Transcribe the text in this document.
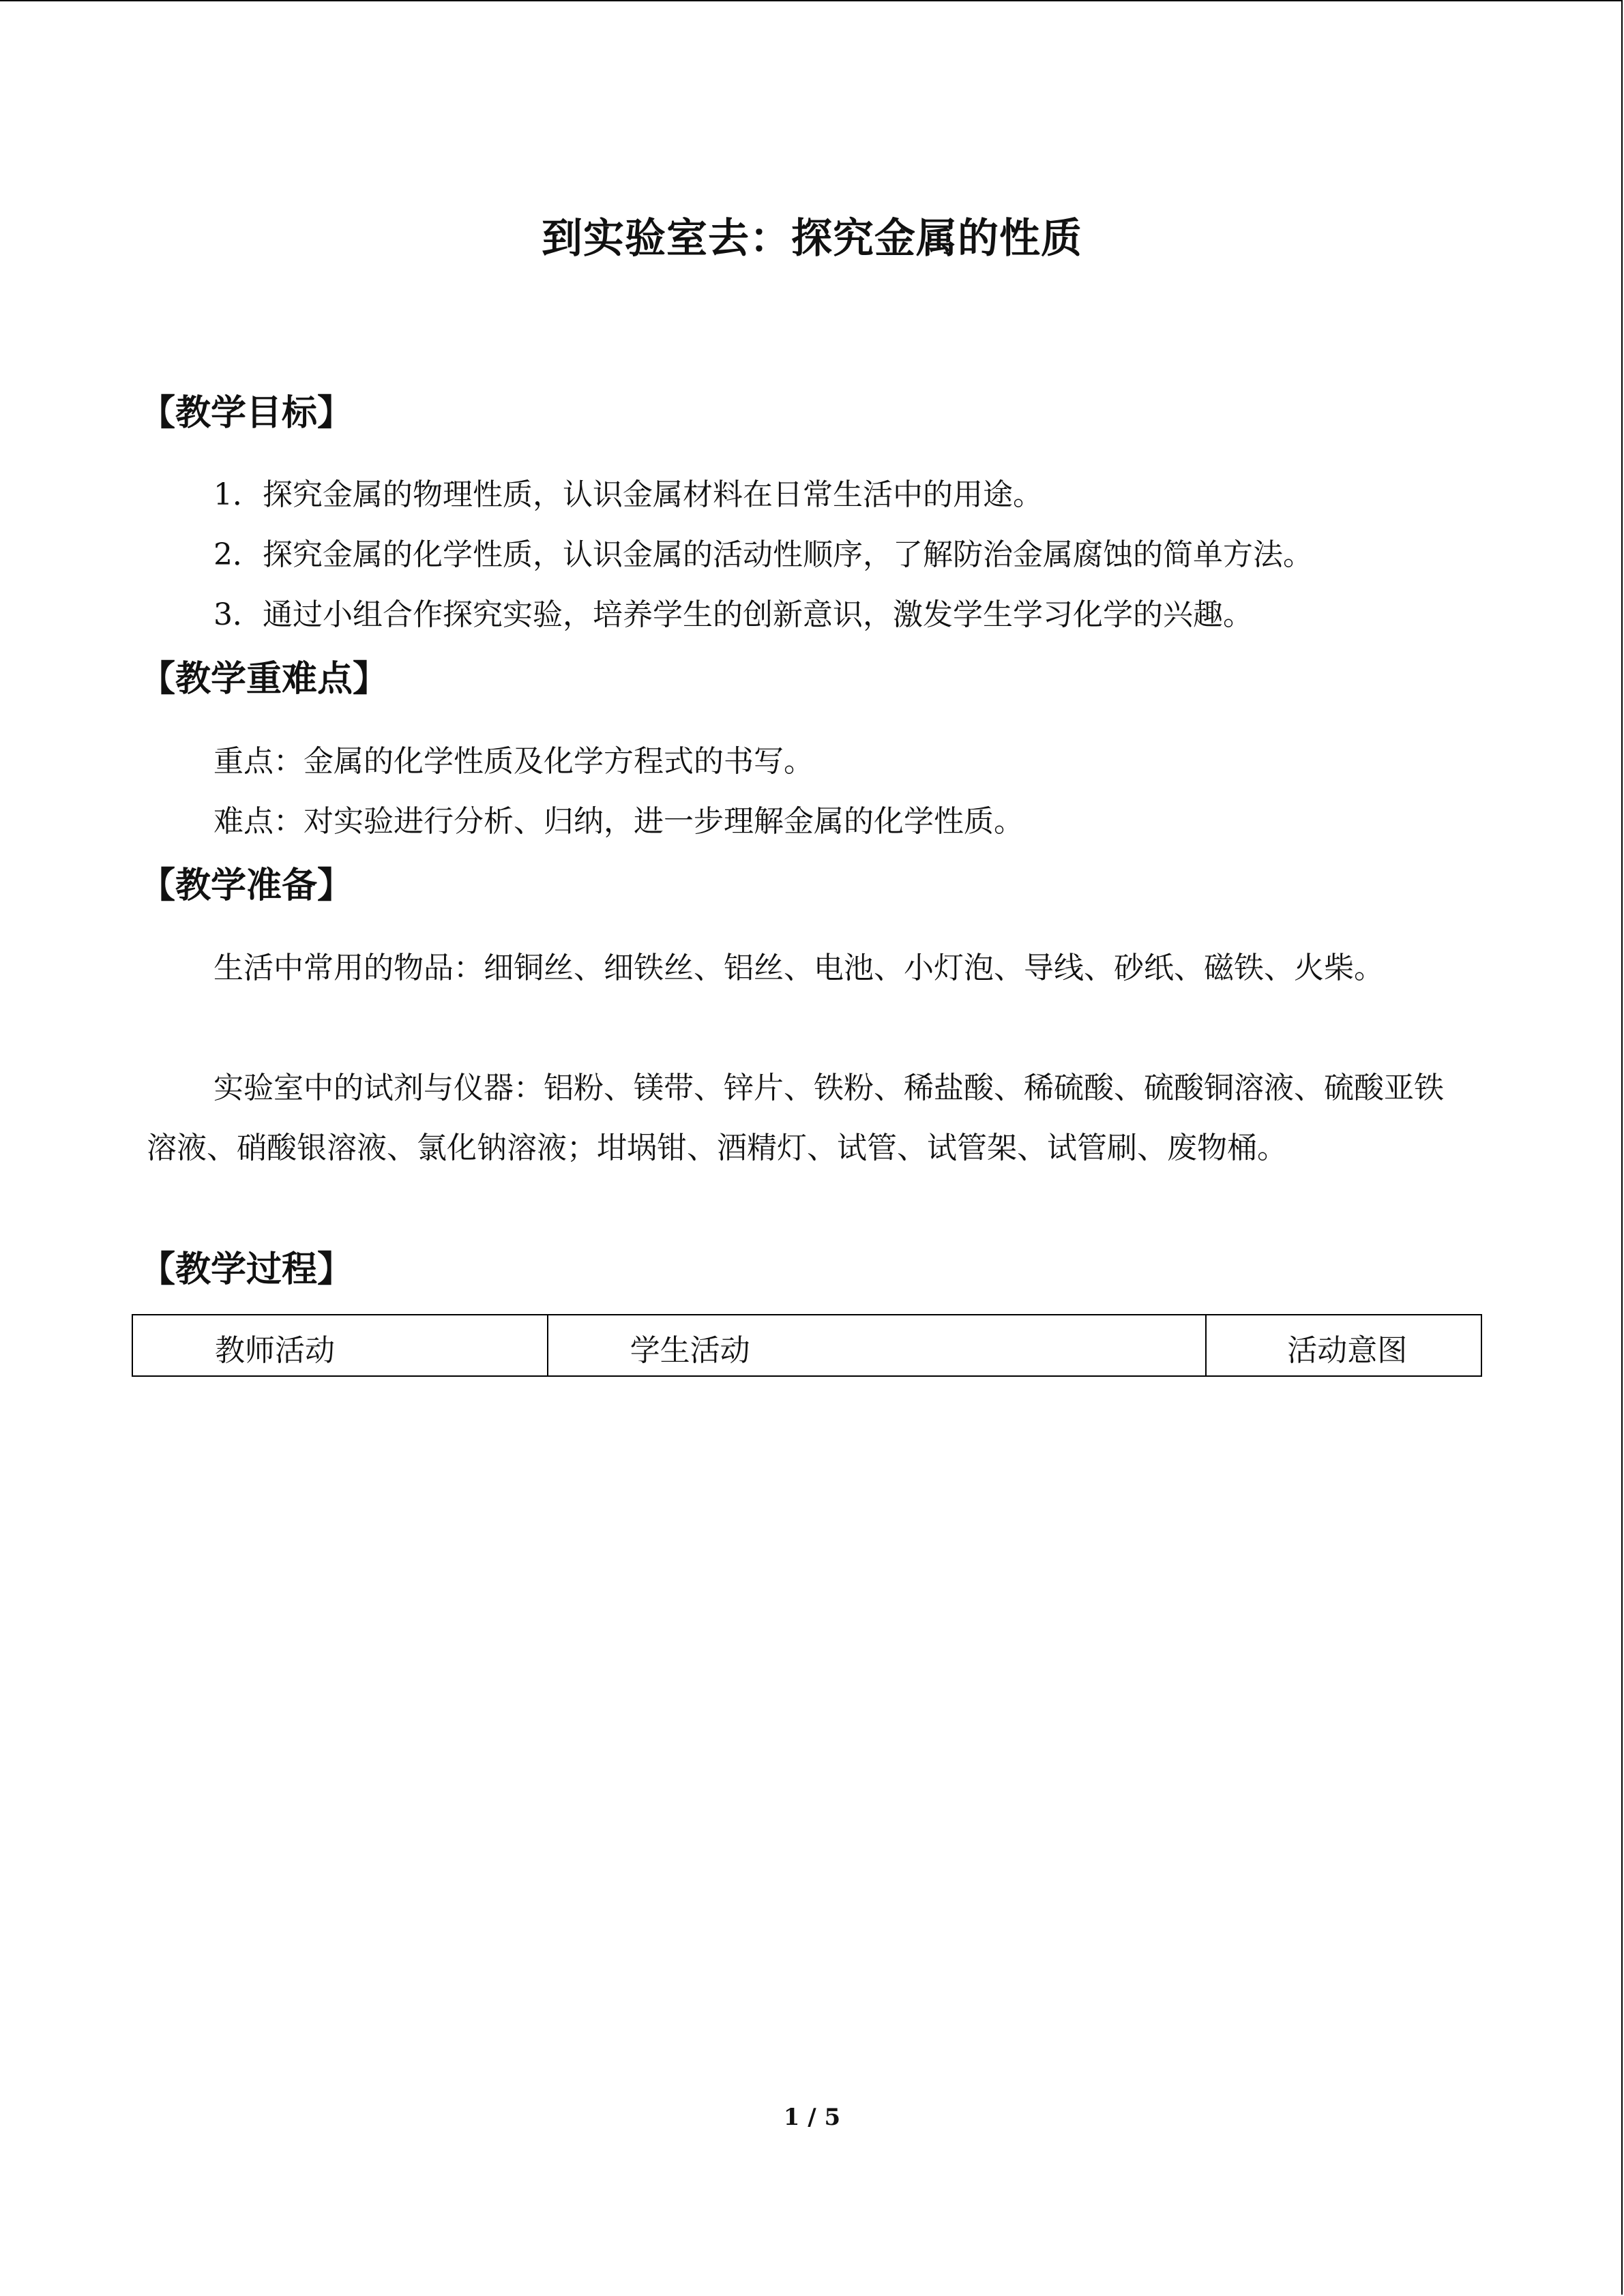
到实验室去：探究金属的性质
【教学目标】
1．探究金属的物理性质，认识金属材料在日常生活中的用途。
2．探究金属的化学性质，认识金属的活动性顺序，了解防治金属腐蚀的简单方法。
3．通过小组合作探究实验，培养学生的创新意识，激发学生学习化学的兴趣。
【教学重难点】
重点：金属的化学性质及化学方程式的书写。
难点：对实验进行分析、归纳，进一步理解金属的化学性质。
【教学准备】
生活中常用的物品：细铜丝、细铁丝、铝丝、电池、小灯泡、导线、砂纸、磁铁、火柴。
实验室中的试剂与仪器：铝粉、镁带、锌片、铁粉、稀盐酸、稀硫酸、硫酸铜溶液、硫酸亚铁溶液、硝酸银溶液、氯化钠溶液；坩埚钳、酒精灯、试管、试管架、试管刷、废物桶。
【教学过程】
教师活动	学生活动	活动意图
1 / 5
